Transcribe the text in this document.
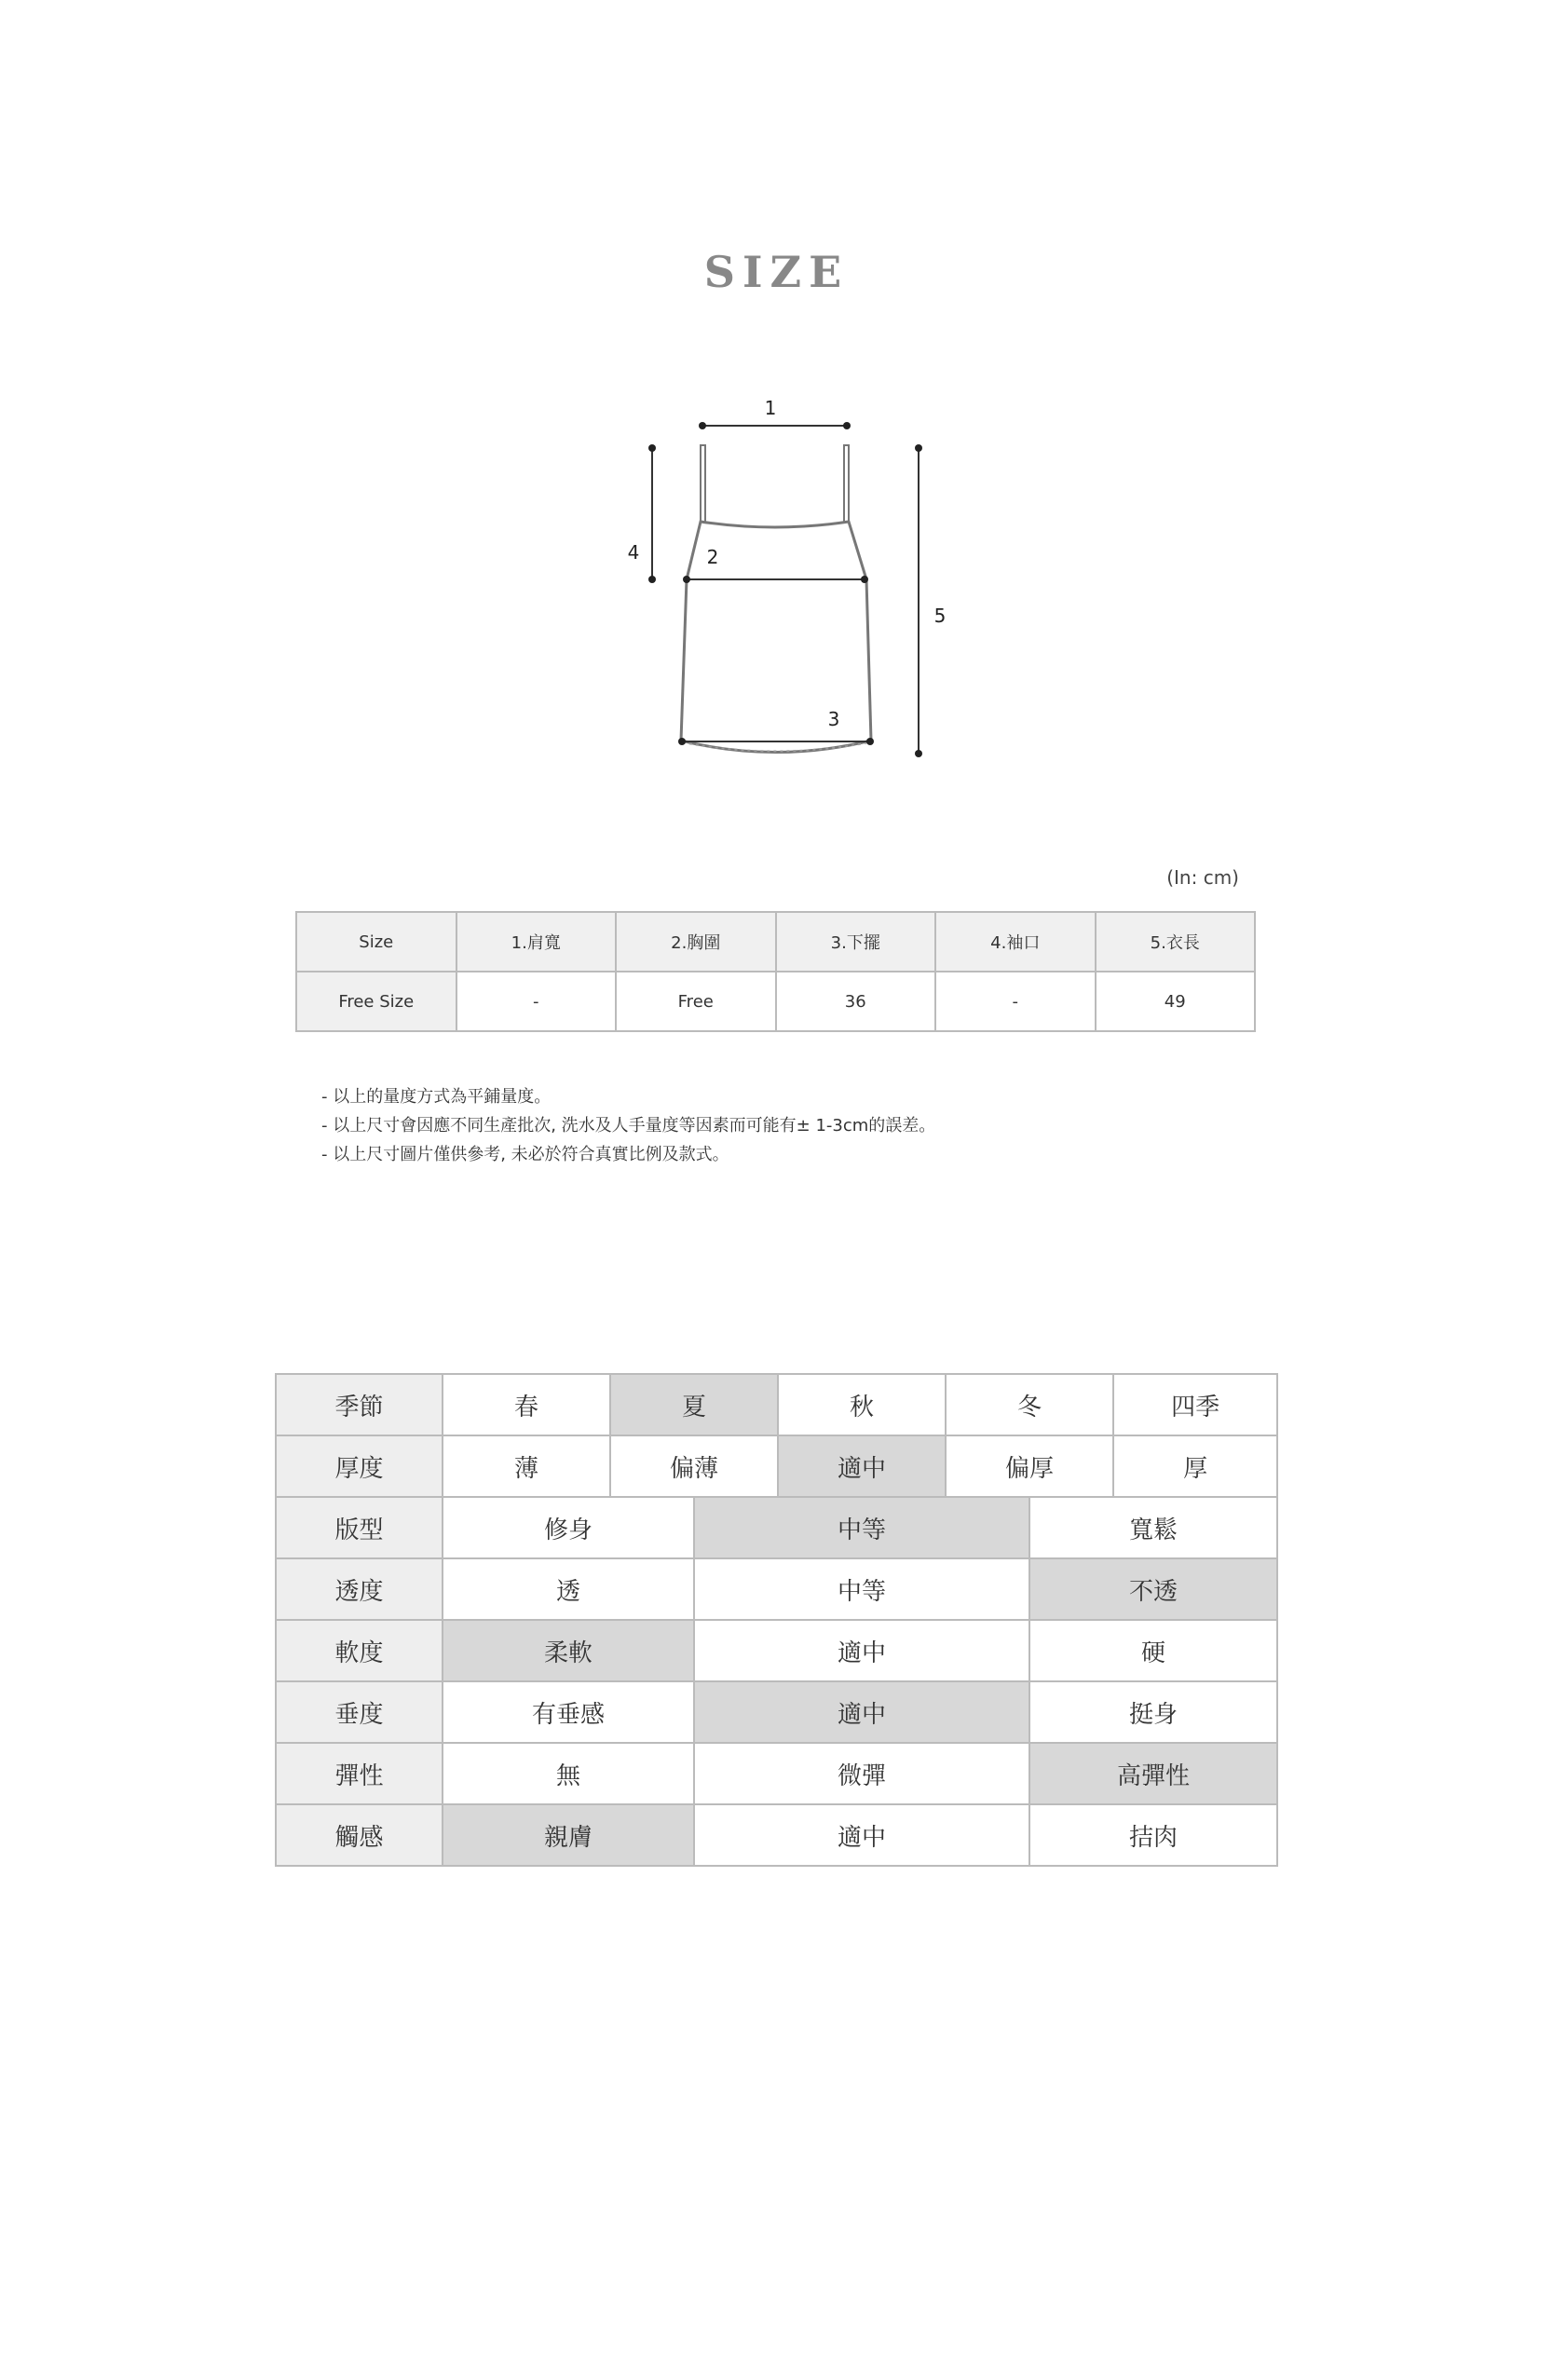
SIZE
1
2
3
4
5
(In: cm)
Size	1.肩寬	2.胸圍	3.下擺	4.袖口	5.衣長
Free Size	-	Free	36	-	49
- 以上的量度方式為平鋪量度。
- 以上尺寸會因應不同生產批次, 洗水及人手量度等因素而可能有± 1-3cm的誤差。
- 以上尺寸圖片僅供參考, 未必於符合真實比例及款式。
季節	春	夏		秋	冬		四季
厚度	薄	偏薄		適中	偏厚		厚
版型	修身		中等			寬鬆	
透度	透		中等			不透	
軟度	柔軟		適中			硬	
垂度	有垂感		適中			挺身	
彈性	無		微彈			高彈性	
觸感	親膚		適中			拮肉	
